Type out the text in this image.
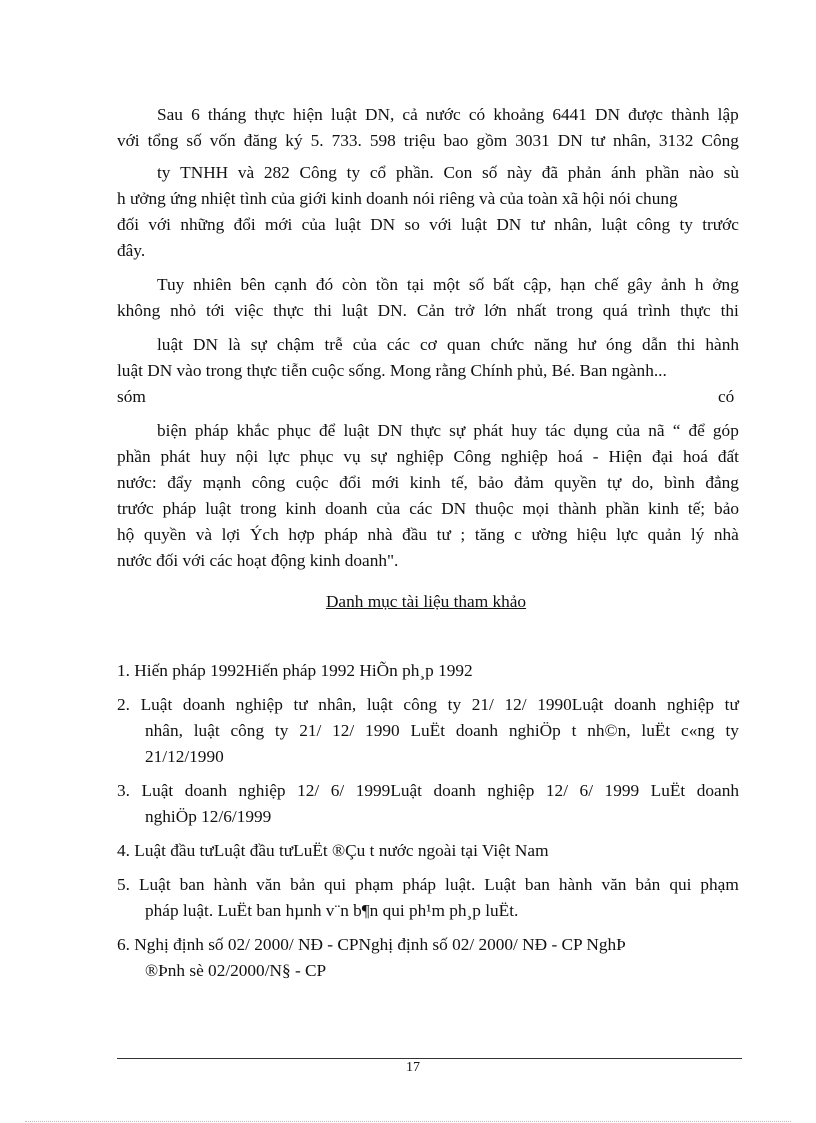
Sau 6 tháng thực hiện luật DN, cả nước có khoảng 6441 DN được thành lập
với tổng số vốn đăng ký 5. 733. 598 triệu bao gồm 3031 DN tư nhân, 3132 Công
ty TNHH và 282 Công ty cổ phần. Con số này đã phản ánh phần nào sù
h ưởng ứng nhiệt tình của giới kinh doanh nói riêng và của toàn xã hội nói chung
đối với những đổi mới của luật DN so với luật DN tư nhân, luật công ty trước
đây.
Tuy nhiên bên cạnh đó còn tồn tại một số bất cập, hạn chế gây ảnh h ởng
không nhỏ tới việc thực thi luật DN. Cản trở lớn nhất trong quá trình thực thi
luật DN là sự chậm trễ của các cơ quan chức năng hư óng dẫn thi hành
luật DN vào trong thực tiễn cuộc sống. Mong rằng Chính phủ, Bé. Ban ngành...
sóm	có
biện pháp khắc phục để luật DN thực sự phát huy tác dụng của nã “ để góp
phần phát huy nội lực phục vụ sự nghiệp Công nghiệp hoá - Hiện đại hoá đất
nước: đẩy mạnh công cuộc đổi mới kinh tế, bảo đảm quyền tự do, bình đẳng
trước pháp luật trong kinh doanh của các DN thuộc mọi thành phần kinh tế; bảo
hộ quyền và lợi Ých hợp pháp nhà đầu tư ; tăng c ường hiệu lực quản lý nhà
nước đối với các hoạt động kinh doanh".
Danh mục tài liệu tham khảo
1. Hiến pháp 1992Hiến pháp 1992 HiÕn ph¸p 1992
2. Luật doanh nghiệp tư nhân, luật công ty 21/ 12/ 1990Luật doanh nghiệp tư
nhân, luật công ty 21/ 12/ 1990 LuËt doanh nghiÖp t nh©n, luËt c«ng ty
21/12/1990
3. Luật doanh nghiệp 12/ 6/ 1999Luật doanh nghiệp 12/ 6/ 1999 LuËt doanh
nghiÖp 12/6/1999
4. Luật đầu tưLuật đầu tưLuËt ®Çu t nước ngoài tại Việt Nam
5. Luật ban hành văn bản qui phạm pháp luật. Luật ban hành văn bản qui phạm
pháp luật. LuËt ban hµnh v¨n b¶n qui ph¹m ph¸p luËt.
6. Nghị định số 02/ 2000/ NĐ - CPNghị định số 02/ 2000/ NĐ - CP NghÞ
®Þnh sè 02/2000/N§ - CP
17
